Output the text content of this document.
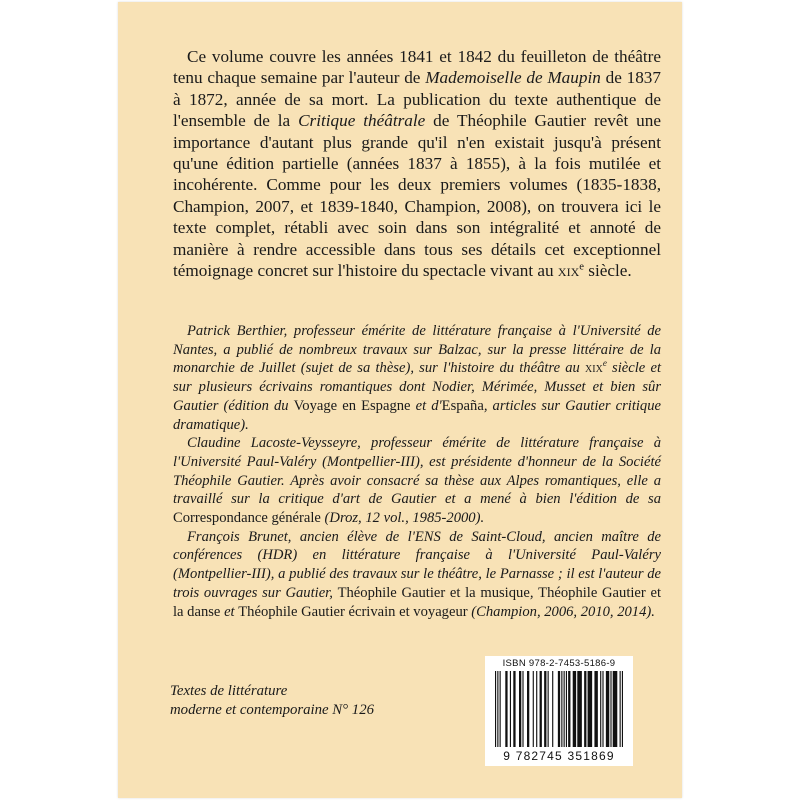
Ce volume couvre les années 1841 et 1842 du feuilleton de théâtre tenu chaque semaine par l'auteur de Mademoiselle de Maupin de 1837 à 1872, année de sa mort. La publication du texte authentique de l'ensemble de la Critique théâtrale de Théophile Gautier revêt une importance d'autant plus grande qu'il n'en existait jusqu'à présent qu'une édition partielle (années 1837 à 1855), à la fois mutilée et incohérente. Comme pour les deux premiers volumes (1835-1838, Champion, 2007, et 1839-1840, Champion, 2008), on trouvera ici le texte complet, rétabli avec soin dans son intégralité et annoté de manière à rendre accessible dans tous ses détails cet exceptionnel témoignage concret sur l'histoire du spectacle vivant au xix$^e$ siècle.

Patrick Berthier, professeur émérite de littérature française à l'Université de Nantes, a publié de nombreux travaux sur Balzac, sur la presse littéraire de la monarchie de Juillet (sujet de sa thèse), sur l'histoire du théâtre au xix$^e$ siècle et sur plusieurs écrivains romantiques dont Nodier, Mérimée, Musset et bien sûr Gautier (édition du Voyage en Espagne et d'España, articles sur Gautier critique dramatique).

Claudine Lacoste-Veysseyre, professeur émérite de littérature française à l'Université Paul-Valéry (Montpellier-III), est présidente d'honneur de la Société Théophile Gautier. Après avoir consacré sa thèse aux Alpes romantiques, elle a travaillé sur la critique d'art de Gautier et a mené à bien l'édition de sa Correspondance générale (Droz, 12 vol., 1985-2000).

François Brunet, ancien élève de l'ENS de Saint-Cloud, ancien maître de conférences (HDR) en littérature française à l'Université Paul-Valéry (Montpellier-III), a publié des travaux sur le théâtre, le Parnasse ; il est l'auteur de trois ouvrages sur Gautier, Théophile Gautier et la musique, Théophile Gautier et la danse et Théophile Gautier écrivain et voyageur (Champion, 2006, 2010, 2014).

Textes de littérature
moderne et contemporaine N° 126
ISBN 978-2-7453-5186-9
9 782745 351869
